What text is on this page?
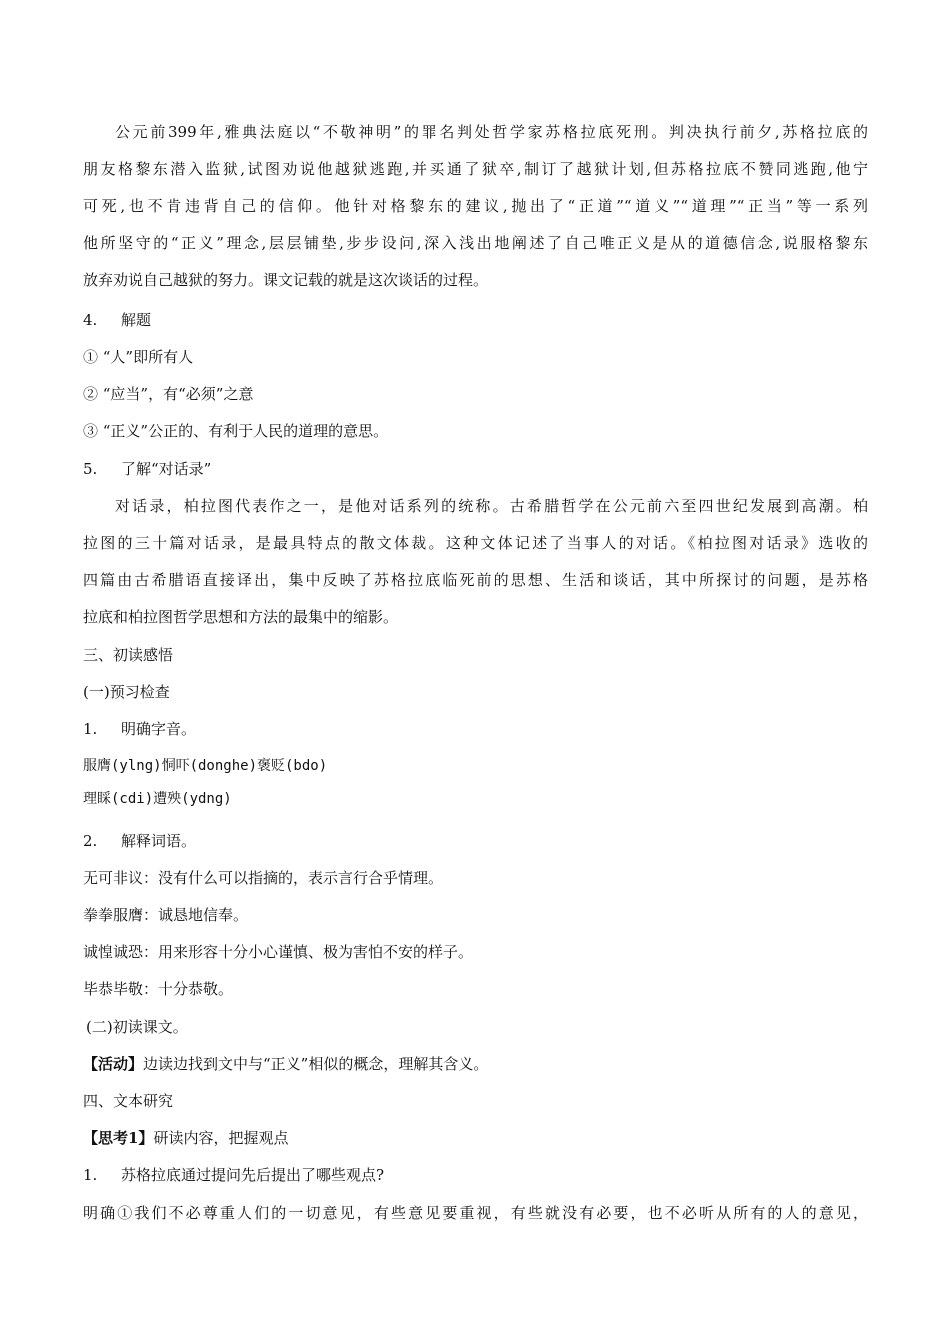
公元前399年,雅典法庭以“不敬神明”的罪名判处哲学家苏格拉底死刑。判决执行前夕,苏格拉底的
朋友格黎东潜入监狱,试图劝说他越狱逃跑,并买通了狱卒,制订了越狱计划,但苏格拉底不赞同逃跑,他宁
可死,也不肯违背自己的信仰。他针对格黎东的建议,抛出了“正道”“道义”“道理”“正当”等一系列
他所坚守的“正义”理念,层层铺垫,步步设问,深入浅出地阐述了自己唯正义是从的道德信念,说服格黎东
放弃劝说自己越狱的努力。课文记载的就是这次谈话的过程。
4. 解题
① “人”即所有人
② “应当”，有“必须”之意
③ “正义”公正的、有利于人民的道理的意思。
5. 了解“对话录”
对话录，柏拉图代表作之一，是他对话系列的统称。古希腊哲学在公元前六至四世纪发展到高潮。柏
拉图的三十篇对话录，是最具特点的散文体裁。这种文体记述了当事人的对话。《柏拉图对话录》选收的
四篇由古希腊语直接译出，集中反映了苏格拉底临死前的思想、生活和谈话，其中所探讨的问题，是苏格
拉底和柏拉图哲学思想和方法的最集中的缩影。
三、初读感悟
(一)预习检查
1. 明确字音。
服膺(ylng)恫吓(donghe)褒贬(bdo)
理睬(cdi)遭殃(ydng)
2. 解释词语。
无可非议：没有什么可以指摘的，表示言行合乎情理。
拳拳服膺：诚恳地信奉。
诚惶诚恐：用来形容十分小心谨慎、极为害怕不安的样子。
毕恭毕敬：十分恭敬。
(二)初读课文。
【活动】边读边找到文中与“正义”相似的概念，理解其含义。
四、文本研究
【思考1】研读内容，把握观点
1. 苏格拉底通过提问先后提出了哪些观点?
明确①我们不必尊重人们的一切意见，有些意见要重视，有些就没有必要，也不必听从所有的人的意见，
